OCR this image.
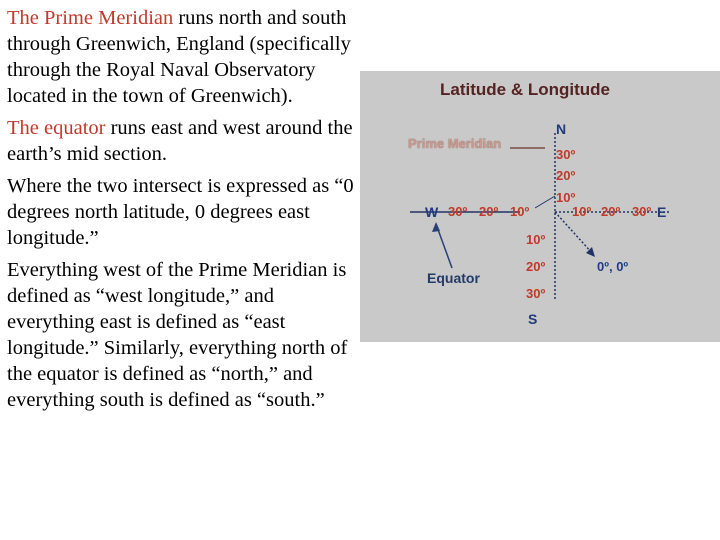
The Prime Meridian runs north and south through Greenwich, England (specifically through the Royal Naval Observatory located in the town of Greenwich).

The equator runs east and west around the earth’s mid section.

Where the two intersect is expressed as “0 degrees north latitude, 0 degrees east longitude.”

Everything west of the Prime Meridian is defined as “west longitude,” and everything east is defined as “east longitude.” Similarly, everything north of the equator is defined as “north,” and everything south is defined as “south.”

Latitude & Longitude
Prime Meridian
N
30º
20º
10º
W 30º 20º 10º	10º 20º 30º E
10º
20º
30º
S
Equator
0º, 0º
